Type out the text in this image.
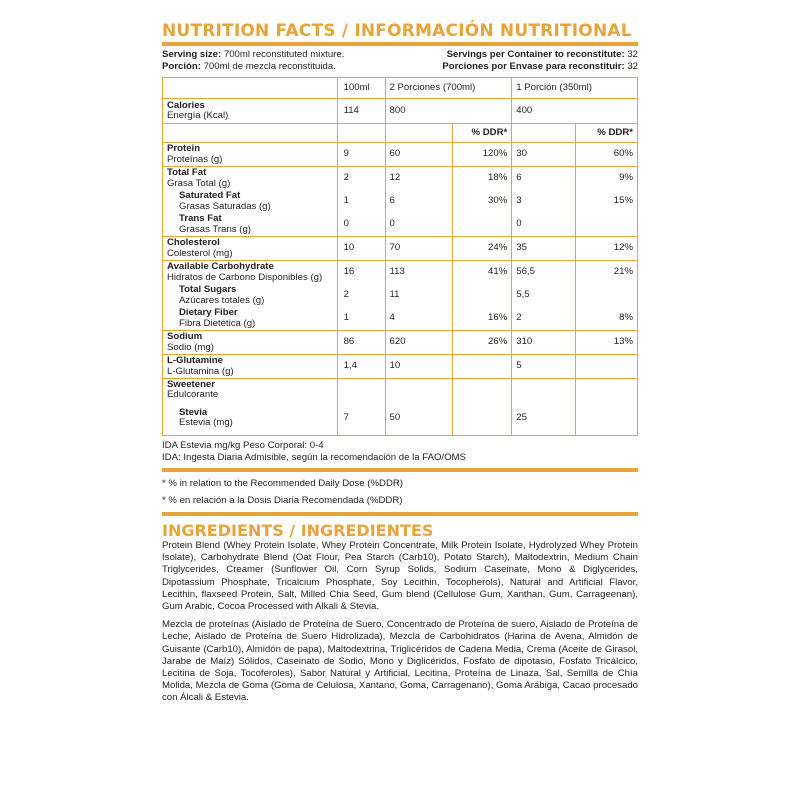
NUTRITION FACTS / INFORMACIÓN NUTRITIONAL
Serving size: 700ml reconstituted mixture.	Servings per Container to reconstitute: 32
Porción: 700ml de mezcla reconstituida.	Porciones por Envase para reconstituir: 32
	100ml	2 Porciones (700ml)		1 Porción (350ml)	

Calories
Energía (Kcal)	114	800		400	
			% DDR*		% DDR*

Protein
Proteínas (g)	9	60	120%	30	60%

Total Fat
Grasa Total (g)	2	12	18%	6	9%

Saturated Fat
Grasas Saturadas (g)	1	6	30%	3	15%

Trans Fat
Grasas Trans (g)	0	0		0	

Cholesterol
Colesterol (mg)	10	70	24%	35	12%

Available Carbohydrate
Hidratos de Carbono Disponibles (g)	16	113	41%	56,5	21%

Total Sugars
Azúcares totales (g)	2	11		5,5	

Dietary Fiber
Fibra Dietética (g)	1	4	16%	2	8%

Sodium
Sodio (mg)	86	620	26%	310	13%

L-Glutamine
L-Glutamina (g)	1,4	10		5	

Sweetener
Edulcorante					

Stevia
Estevia (mg)	7	50		25	
IDA Estevia mg/kg Peso Corporal: 0-4
IDA: Ingesta Diaria Admisible, según la recomendación de la FAO/OMS
* % in relation to the Recommended Daily Dose (%DDR)
* % en relación a la Dosis Diaria Recomendada (%DDR)
INGREDIENTS / INGREDIENTES

Protein Blend (Whey Protein Isolate, Whey Protein Concentrate, Milk Protein Isolate, Hydrolyzed Whey Protein Isolate), Carbohydrate Blend (Oat Flour, Pea Starch (Carb10), Potato Starch), Maltodextrin, Medium Chain Triglycerides, Creamer (Sunflower Oil, Corn Syrup Solids, Sodium Caseinate, Mono & Diglycerides, Dipotassium Phosphate, Tricalcium Phosphate, Soy Lecithin, Tocopherols), Natural and Artificial Flavor, Lecithin, flaxseed Protein, Salt, Milled Chia Seed, Gum blend (Cellulose Gum, Xanthan, Gum, Carrageenan), Gum Arabic, Cocoa Processed with Alkali & Stevia.

Mezcla de proteínas (Aislado de Proteína de Suero, Concentrado de Proteína de suero, Aislado de Proteína de Leche, Aislado de Proteína de Suero Hidrolizada), Mezcla de Carbohidratos (Harina de Avena, Almidón de Guisante (Carb10), Almidón de papa), Maltodextrina, Triglicéridos de Cadena Media, Crema (Aceite de Girasol, Jarabe de Maíz) Sólidos, Caseinato de Sodio, Mono y Diglicéridos, Fosfato de dipotasio, Fosfato Tricálcico, Lecitina de Soja, Tocoferoles), Sabor Natural y Artificial, Lecitina, Proteína de Linaza, Sal, Semilla de Chía Molida, Mezcla de Goma (Goma de Celulosa, Xantano, Goma, Carragenano), Goma Arábiga, Cacao procesado con Álcali & Estevia.
